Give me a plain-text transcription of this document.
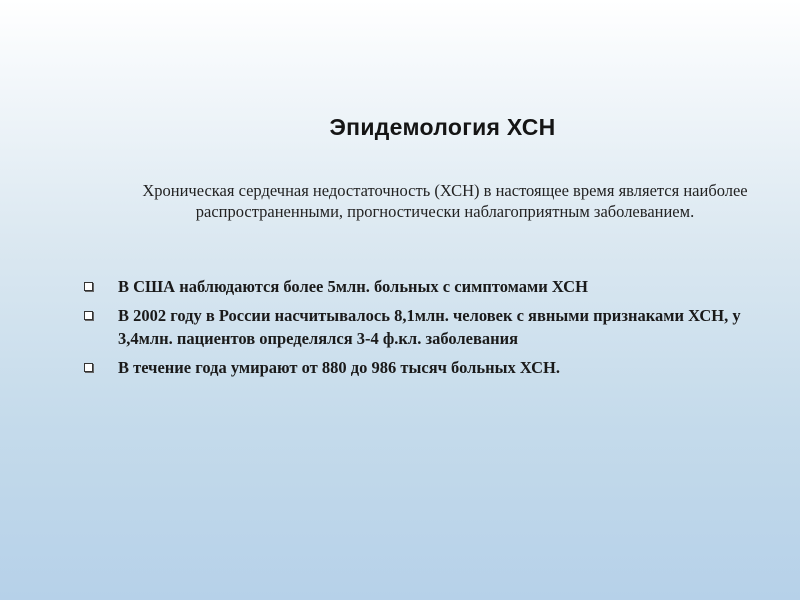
Эпидемология ХСН
Хроническая сердечная недостаточность (ХСН) в настоящее время является наиболее распространенными, прогностически наблагоприятным заболеванием.
В США наблюдаются более 5млн. больных с симптомами ХСН
В 2002 году в России насчитывалось 8,1млн. человек с явными признаками ХСН, у 3,4млн. пациентов определялся 3-4 ф.кл. заболевания
В течение года умирают от 880 до 986 тысяч больных ХСН.
